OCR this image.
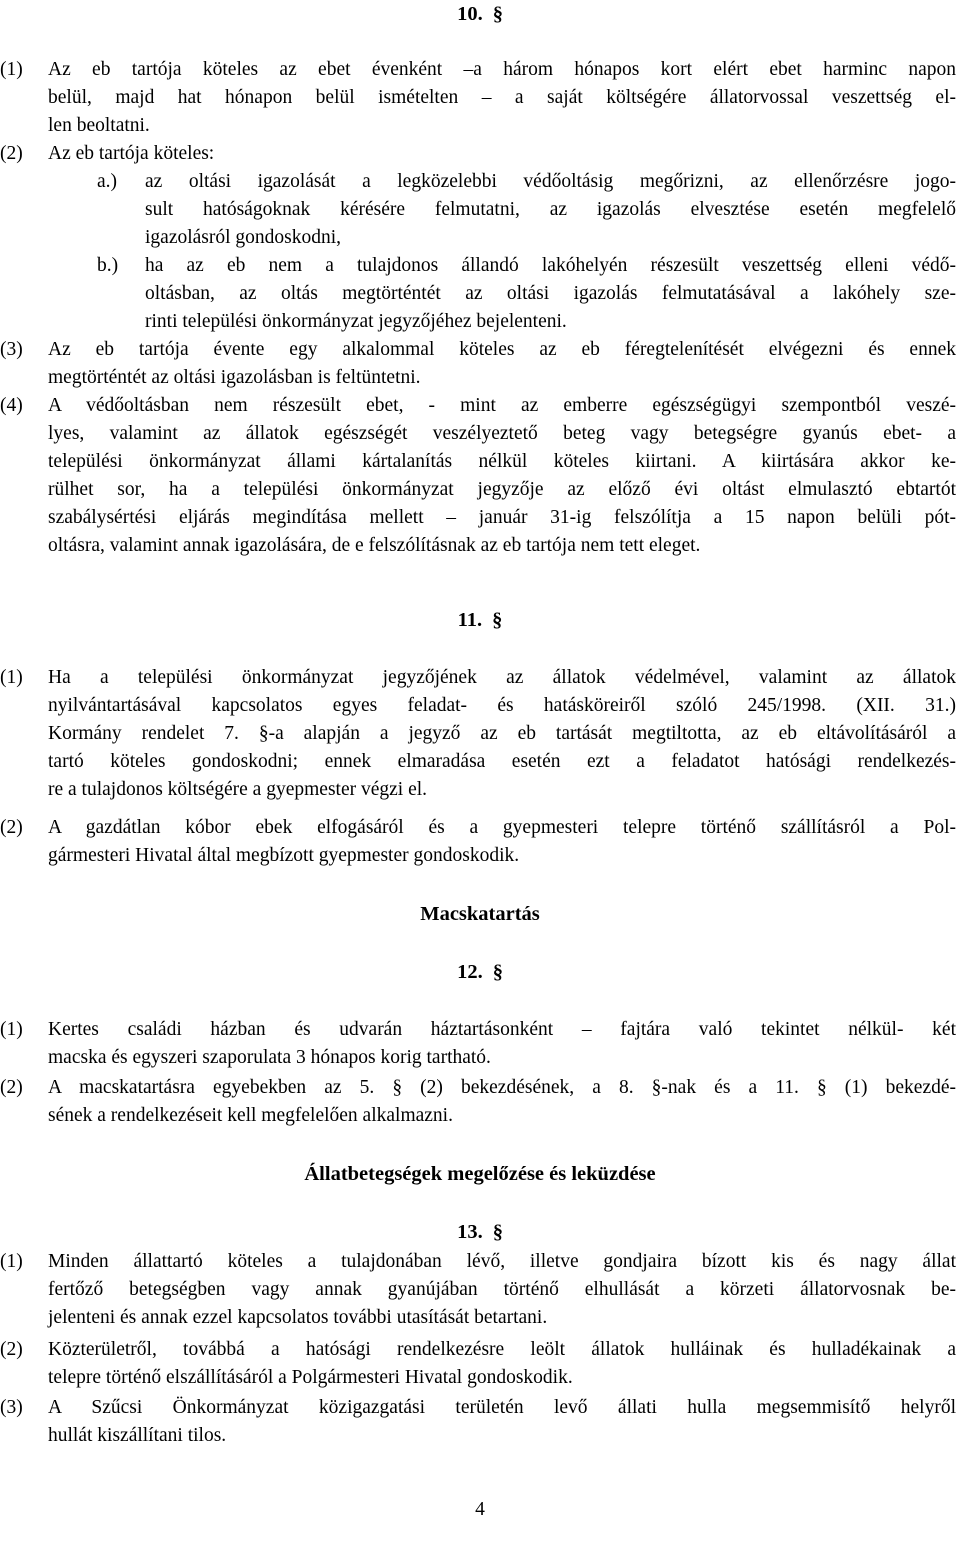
10. §
(1) Az eb tartója köteles az ebet évenként –a három hónapos kort elért ebet harminc napon
belül, majd hat hónapon belül ismételten – a saját költségére állatorvossal veszettség el-
len beoltatni.
(2) Az eb tartója köteles:
a.) az oltási igazolását a legközelebbi védőoltásig megőrizni, az ellenőrzésre jogo-
sult hatóságoknak kérésére felmutatni, az igazolás elvesztése esetén megfelelő
igazolásról gondoskodni,
b.) ha az eb nem a tulajdonos állandó lakóhelyén részesült veszettség elleni védő-
oltásban, az oltás megtörténtét az oltási igazolás felmutatásával a lakóhely sze-
rinti települési önkormányzat jegyzőjéhez bejelenteni.
(3) Az eb tartója évente egy alkalommal köteles az eb féregtelenítését elvégezni és ennek
megtörténtét az oltási igazolásban is feltüntetni.
(4) A védőoltásban nem részesült ebet, - mint az emberre egészségügyi szempontból veszé-
lyes, valamint az állatok egészségét veszélyeztető beteg vagy betegségre gyanús ebet- a
települési önkormányzat állami kártalanítás nélkül köteles kiirtani. A kiirtására akkor ke-
rülhet sor, ha a települési önkormányzat jegyzője az előző évi oltást elmulasztó ebtartót
szabálysértési eljárás megindítása mellett – január 31-ig felszólítja a 15 napon belüli pót-
oltásra, valamint annak igazolására, de e felszólításnak az eb tartója nem tett eleget.
11. §
(1) Ha a települési önkormányzat jegyzőjének az állatok védelmével, valamint az állatok
nyilvántartásával kapcsolatos egyes feladat- és hatásköreiről szóló 245/1998. (XII. 31.)
Kormány rendelet 7. §-a alapján a jegyző az eb tartását megtiltotta, az eb eltávolításáról a
tartó köteles gondoskodni; ennek elmaradása esetén ezt a feladatot hatósági rendelkezés-
re a tulajdonos költségére a gyepmester végzi el.
(2) A gazdátlan kóbor ebek elfogásáról és a gyepmesteri telepre történő szállításról a Pol-
gármesteri Hivatal által megbízott gyepmester gondoskodik.
Macskatartás
12. §
(1) Kertes családi házban és udvarán háztartásonként – fajtára való tekintet nélkül- két
macska és egyszeri szaporulata 3 hónapos korig tartható.
(2) A macskatartásra egyebekben az 5. § (2) bekezdésének, a 8. §-nak és a 11. § (1) bekezdé-
sének a rendelkezéseit kell megfelelően alkalmazni.
Állatbetegségek megelőzése és leküzdése
13. §
(1) Minden állattartó köteles a tulajdonában lévő, illetve gondjaira bízott kis és nagy állat
fertőző betegségben vagy annak gyanújában történő elhullását a körzeti állatorvosnak be-
jelenteni és annak ezzel kapcsolatos további utasítását betartani.
(2) Közterületről, továbbá a hatósági rendelkezésre leölt állatok hulláinak és hulladékainak a
telepre történő elszállításáról a Polgármesteri Hivatal gondoskodik.
(3) A Szűcsi Önkormányzat közigazgatási területén levő állati hulla megsemmisítő helyről
hullát kiszállítani tilos.
4
